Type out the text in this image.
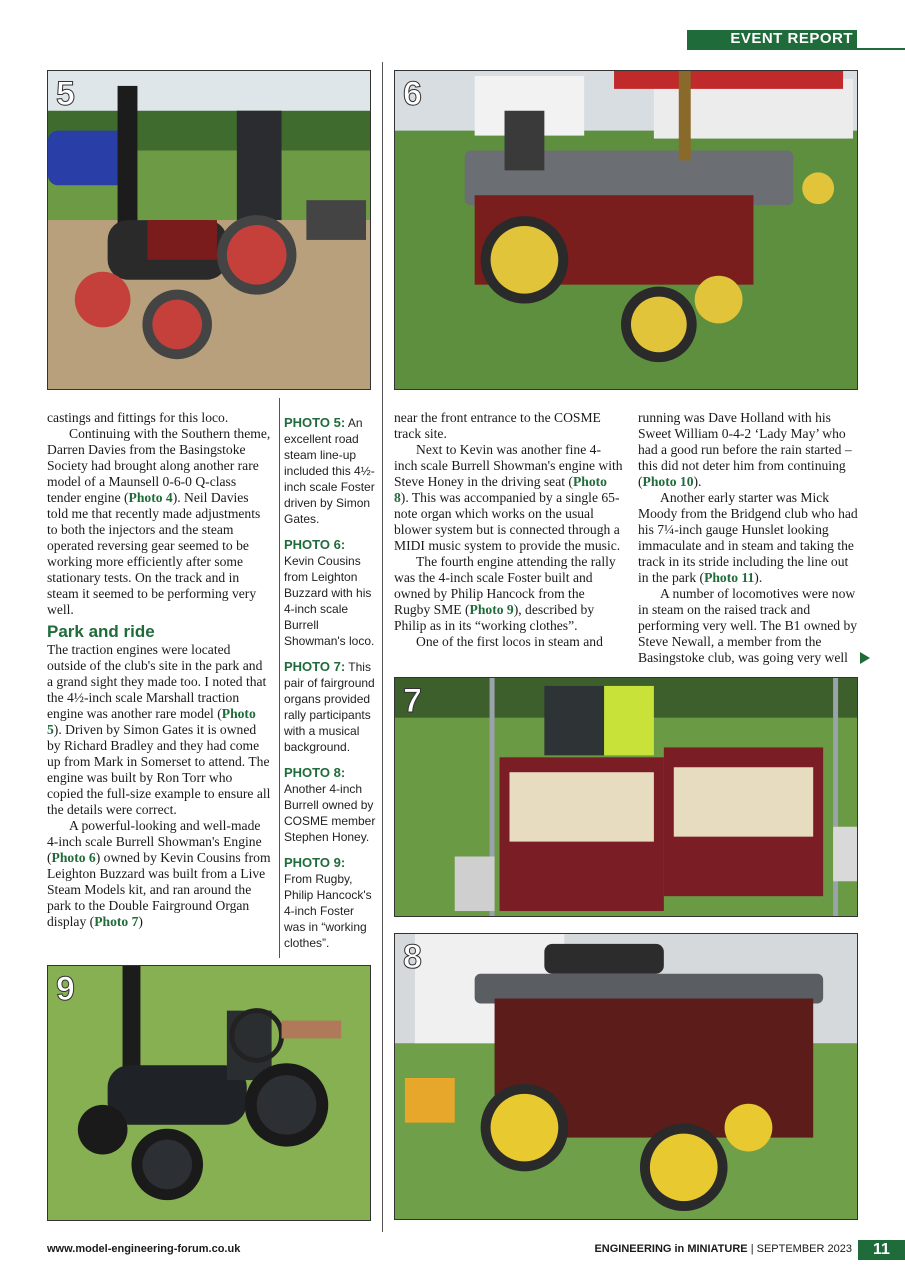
EVENT REPORT
5	6

castings and fittings for this loco.

Continuing with the Southern theme, Darren Davies from the Basingstoke Society had brought along another rare model of a Maunsell 0-6-0 Q-class tender engine (Photo 4). Neil Davies told me that recently made adjustments to both the injectors and the steam operated reversing gear seemed to be working more efficiently after some stationary tests. On the track and in steam it seemed to be performing very well.

Park and ride

The traction engines were located outside of the club's site in the park and a grand sight they made too. I noted that the 4½-inch scale Marshall traction engine was another rare model (Photo 5). Driven by Simon Gates it is owned by Richard Bradley and they had come up from Mark in Somerset to attend. The engine was built by Ron Torr who copied the full-size example to ensure all the details were correct.

A powerful-looking and well-made 4-inch scale Burrell Showman's Engine (Photo 6) owned by Kevin Cousins from Leighton Buzzard was built from a Live Steam Models kit, and ran around the park to the Double Fairground Organ display (Photo 7)

PHOTO 5: An excellent road steam line-up included this 4½-inch scale Foster driven by Simon Gates.
PHOTO 6: Kevin Cousins from Leighton Buzzard with his 4-inch scale Burrell Showman's loco.
PHOTO 7: This pair of fairground organs provided rally participants with a musical background.
PHOTO 8: Another 4-inch Burrell owned by COSME member Stephen Honey.
PHOTO 9: From Rugby, Philip Hancock's 4-inch Foster was in “working clothes”.

near the front entrance to the COSME track site.

Next to Kevin was another fine 4-inch scale Burrell Showman's engine with Steve Honey in the driving seat (Photo 8). This was accompanied by a single 65-note organ which works on the usual blower system but is connected through a MIDI music system to provide the music.

The fourth engine attending the rally was the 4-inch scale Foster built and owned by Philip Hancock from the Rugby SME (Photo 9), described by Philip as in its “working clothes”.

One of the first locos in steam and

running was Dave Holland with his Sweet William 0-4-2 ‘Lady May’ who had a good run before the rain started – this did not deter him from continuing (Photo 10).

Another early starter was Mick Moody from the Bridgend club who had his 7¼-inch gauge Hunslet looking immaculate and in steam and taking the track in its stride including the line out in the park (Photo 11).

A number of locomotives were now in steam on the raised track and performing very well. The B1 owned by Steve Newall, a member from the Basingstoke club, was going very well

7
8
9
www.model-engineering-forum.co.uk	ENGINEERING in MINIATURE | SEPTEMBER 2023	11
